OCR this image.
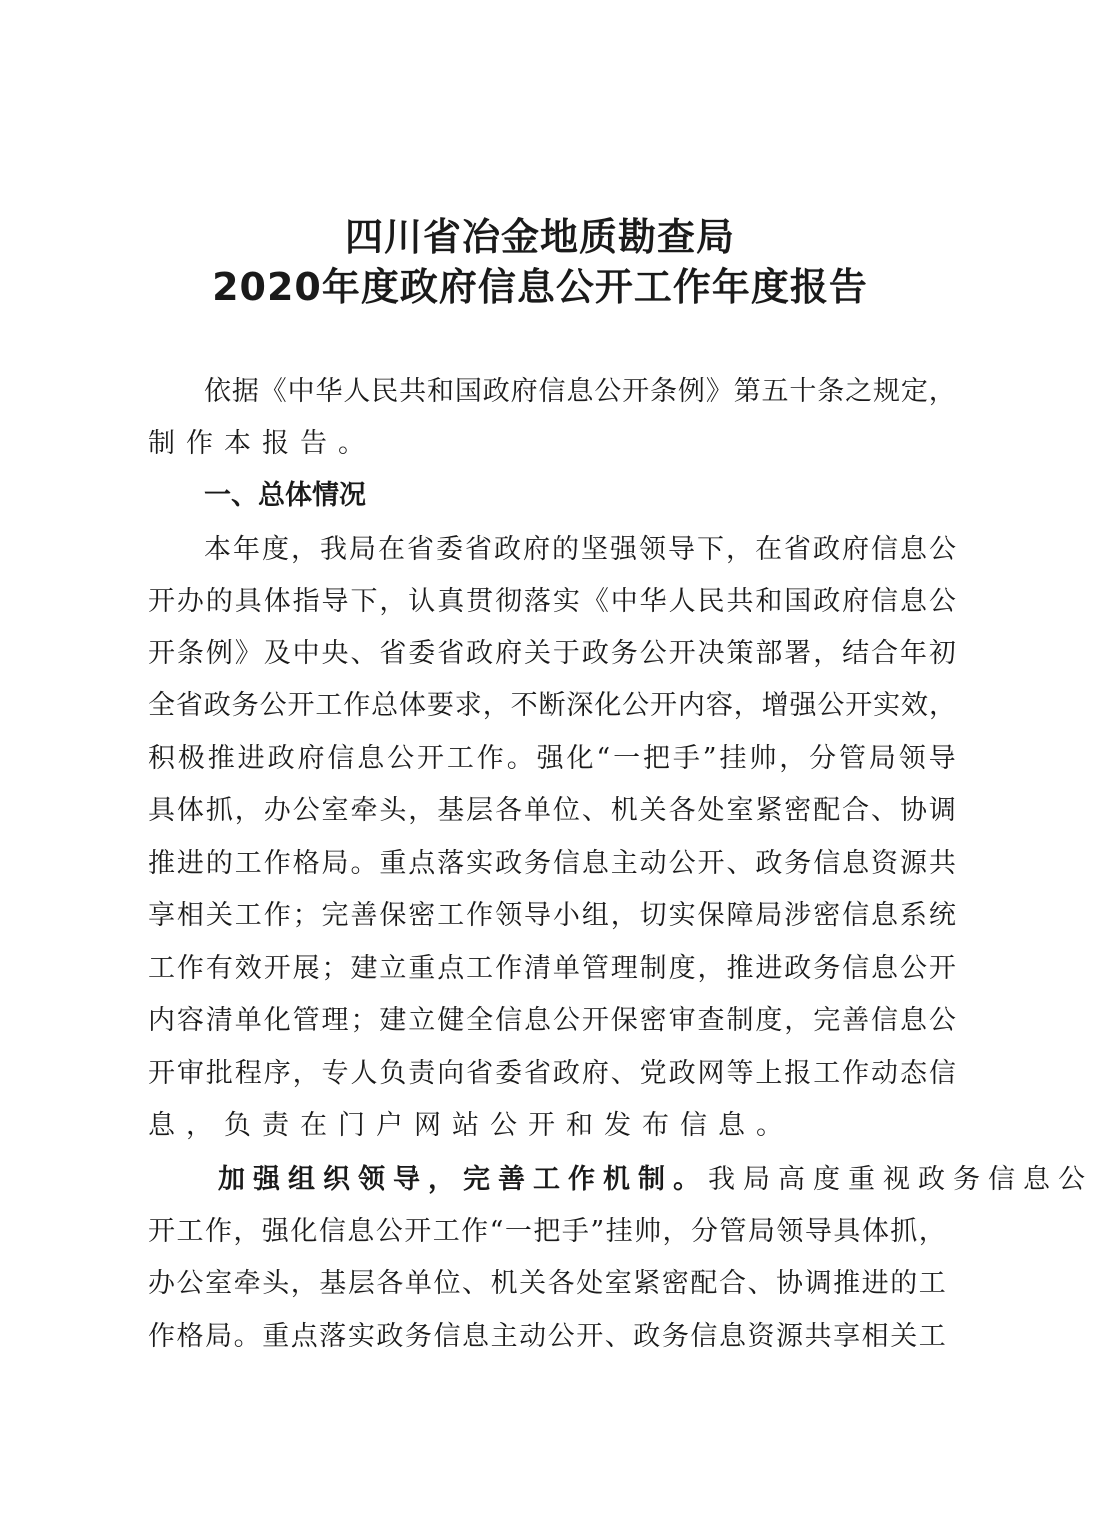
四川省冶金地质勘查局
2020年度政府信息公开工作年度报告

依 据 《 中 华 人 民 共 和 国 政 府 信 息 公 开 条 例 》 第 五 十 条 之 规 定 ，

制 作 本 报 告 。

一、总体情况

本 年 度 ， 我 局 在 省 委 省 政 府 的 坚 强 领 导 下 ， 在 省 政 府 信 息 公

开 办 的 具 体 指 导 下 ， 认 真 贯 彻 落 实 《 中 华 人 民 共 和 国 政 府 信 息 公

开 条 例 》 及 中 央 、 省 委 省 政 府 关 于 政 务 公 开 决 策 部 署 ， 结 合 年 初

全 省 政 务 公 开 工 作 总 体 要 求 ， 不 断 深 化 公 开 内 容 ， 增 强 公 开 实 效 ，

积 极 推 进 政 府 信 息 公 开 工 作 。 强 化 “ 一 把 手 ” 挂 帅 ， 分 管 局 领 导

具 体 抓 ， 办 公 室 牵 头 ， 基 层 各 单 位 、 机 关 各 处 室 紧 密 配 合 、 协 调

推 进 的 工 作 格 局 。 重 点 落 实 政 务 信 息 主 动 公 开 、 政 务 信 息 资 源 共

享 相 关 工 作 ； 完 善 保 密 工 作 领 导 小 组 ， 切 实 保 障 局 涉 密 信 息 系 统

工 作 有 效 开 展 ； 建 立 重 点 工 作 清 单 管 理 制 度 ， 推 进 政 务 信 息 公 开

内 容 清 单 化 管 理 ； 建 立 健 全 信 息 公 开 保 密 审 查 制 度 ， 完 善 信 息 公

开 审 批 程 序 ， 专 人 负 责 向 省 委 省 政 府 、 党 政 网 等 上 报 工 作 动 态 信

息 ， 负 责 在 门 户 网 站 公 开 和 发 布 信 息 。

加 强 组 织 领 导 ， 完 善 工 作 机 制 。 我 局 高 度 重 视 政 务 信 息 公

开 工 作 ， 强 化 信 息 公 开 工 作 “ 一 把 手 ” 挂 帅 ， 分 管 局 领 导 具 体 抓 ，

办 公 室 牵 头 ， 基 层 各 单 位 、 机 关 各 处 室 紧 密 配 合 、 协 调 推 进 的 工

作 格 局 。 重 点 落 实 政 务 信 息 主 动 公 开 、 政 务 信 息 资 源 共 享 相 关 工
